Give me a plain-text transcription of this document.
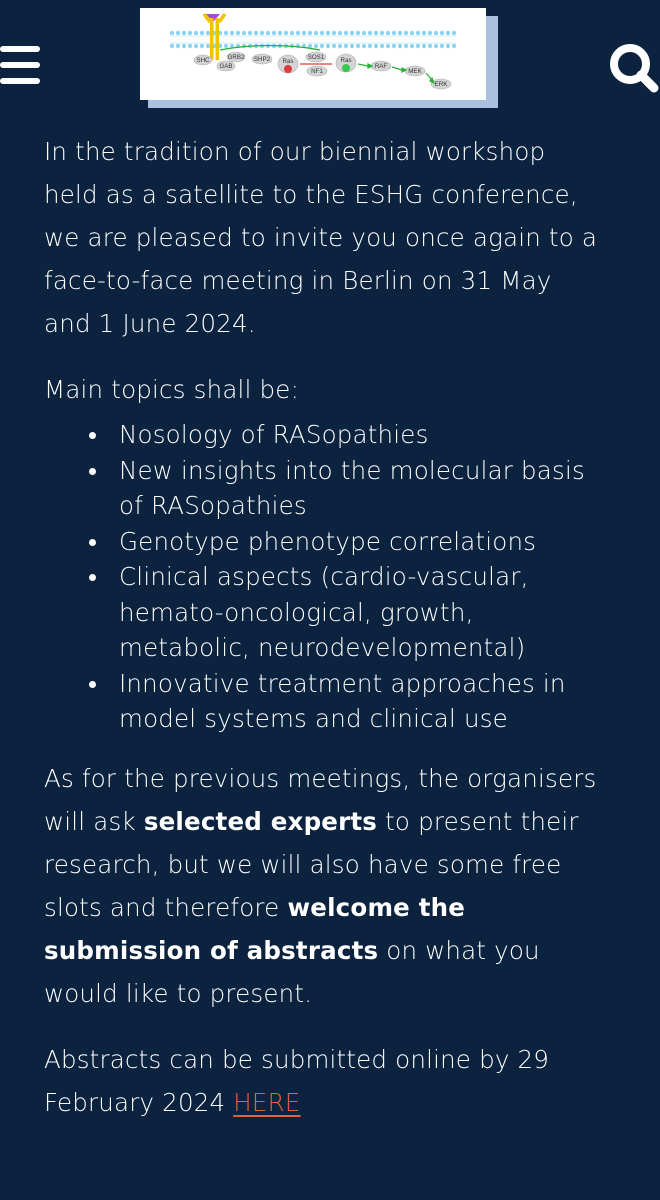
SHC	GRB2
GAB
SHP2 Ras
SOS1
NF1
Ras
RAF
MEK
ERK

In the tradition of our biennial workshop held as a satellite to the ESHG conference, we are pleased to invite you once again to a face-to-face meeting in Berlin on 31 May and 1 June 2024.

Main topics shall be:

Nosology of RASopathies
New insights into the molecular basis of RASopathies
Genotype phenotype correlations
Clinical aspects (cardio-vascular, hemato-oncological, growth, metabolic, neurodevelopmental)
Innovative treatment approaches in model systems and clinical use

As for the previous meetings, the organisers will ask selected experts to present their research, but we will also have some free slots and therefore welcome the submission of abstracts on what you would like to present.

Abstracts can be submitted online by 29 February 2024 HERE
